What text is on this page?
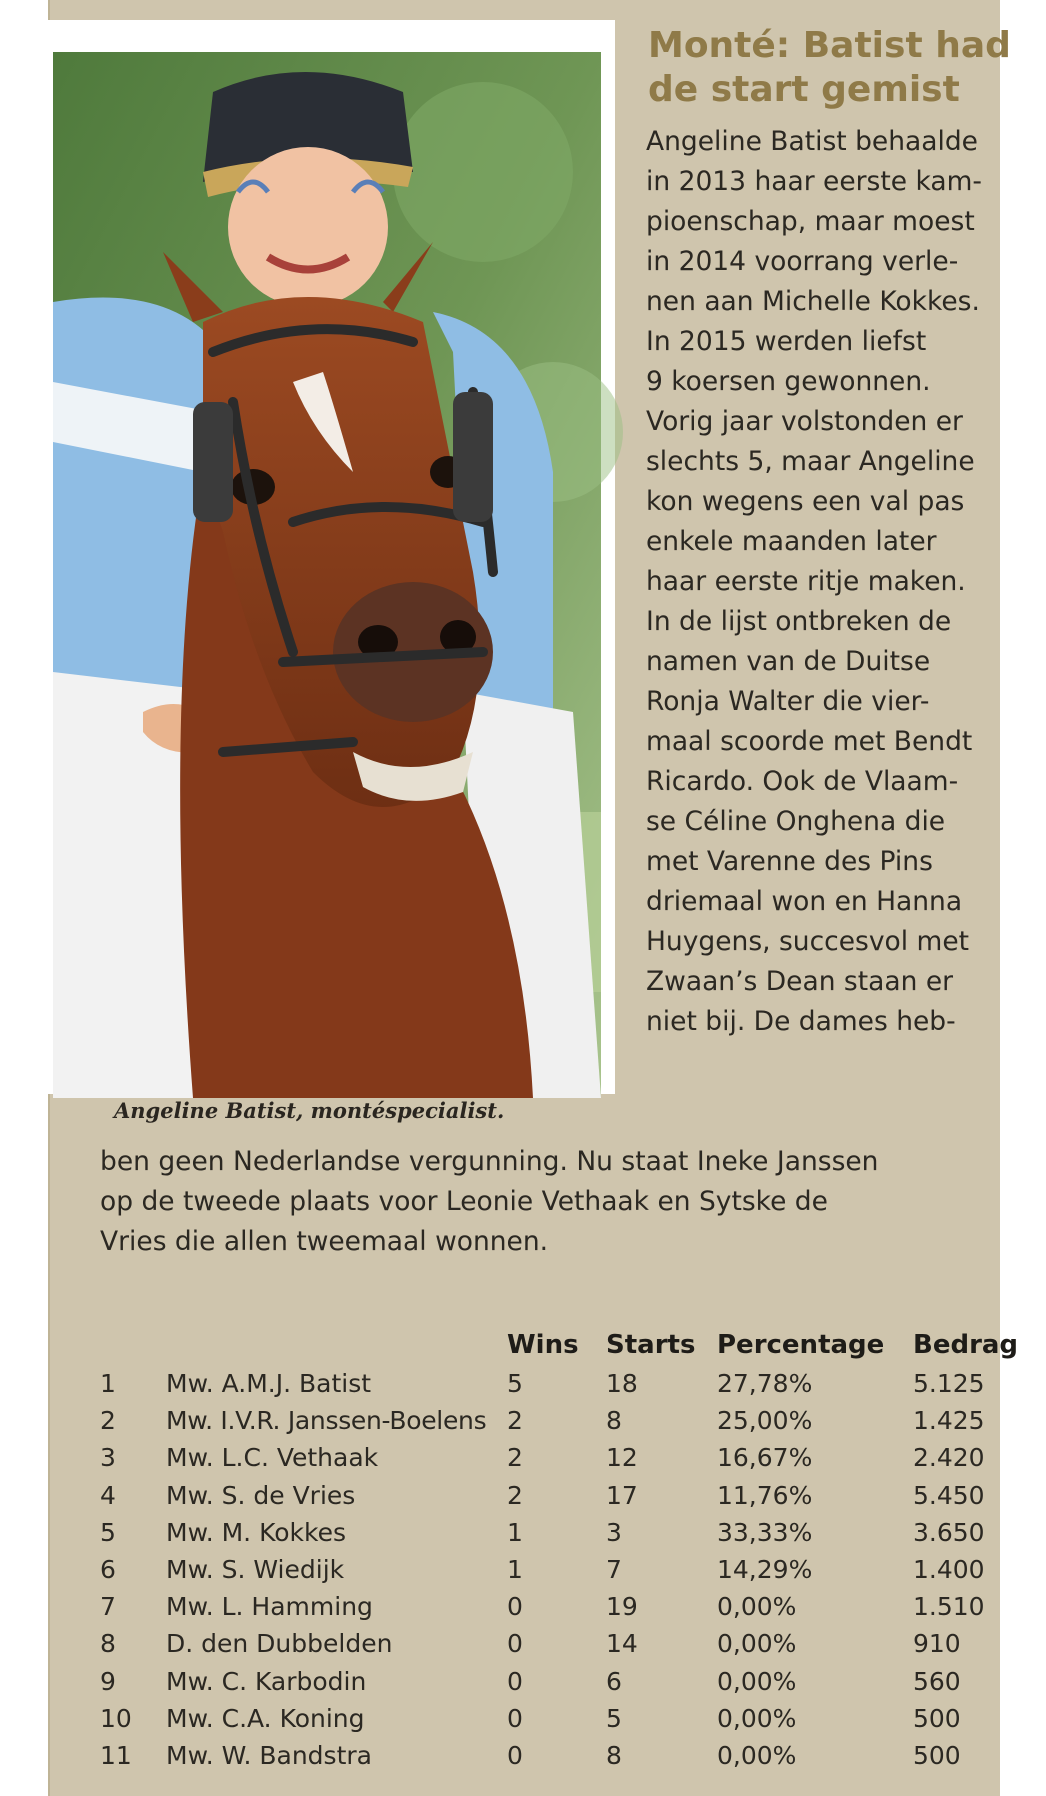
Angeline Batist, montéspecialist.

Monté: Batist had de start gemist
Angeline Batist behaalde
in 2013 haar eerste kam-
pioenschap, maar moest
in 2014 voorrang verle-
nen aan Michelle Kokkes.
In 2015 werden liefst
9 koersen gewonnen.
Vorig jaar volstonden er
slechts 5, maar Angeline
kon wegens een val pas
enkele maanden later
haar eerste ritje maken.
In de lijst ontbreken de
namen van de Duitse
Ronja Walter die vier-
maal scoorde met Bendt
Ricardo. Ook de Vlaam-
se Céline Onghena die
met Varenne des Pins
driemaal won en Hanna
Huygens, succesvol met
Zwaan’s Dean staan er
niet bij. De dames heb-
ben geen Nederlandse vergunning. Nu staat Ineke Janssen
op de tweede plaats voor Leonie Vethaak en Sytske de
Vries die allen tweemaal wonnen.
		Wins	Starts	Percentage	Bedrag
1	Mw. A.M.J. Batist	5	18	27,78%	5.125
2	Mw. I.V.R. Janssen-Boelens	2	8	25,00%	1.425
3	Mw. L.C. Vethaak	2	12	16,67%	2.420
4	Mw. S. de Vries	2	17	11,76%	5.450
5	Mw. M. Kokkes	1	3	33,33%	3.650
6	Mw. S. Wiedijk	1	7	14,29%	1.400
7	Mw. L. Hamming	0	19	0,00%	1.510
8	D. den Dubbelden	0	14	0,00%	910
9	Mw. C. Karbodin	0	6	0,00%	560
10	Mw. C.A. Koning	0	5	0,00%	500
11	Mw. W. Bandstra	0	8	0,00%	500
